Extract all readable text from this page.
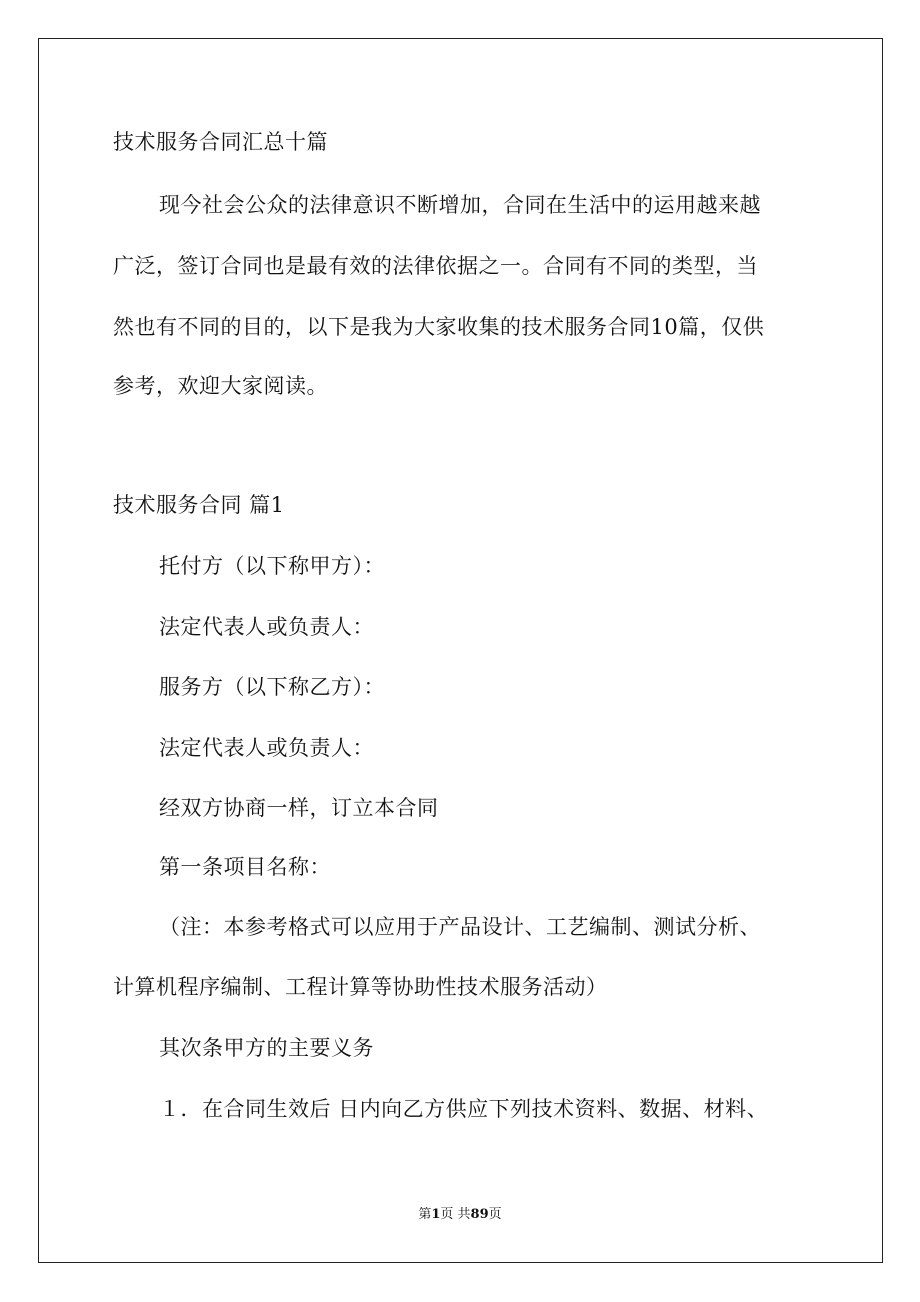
技术服务合同汇总十篇
现今社会公众的法律意识不断增加，合同在生活中的运用越来越
广泛，签订合同也是最有效的法律依据之一。合同有不同的类型，当
然也有不同的目的，以下是我为大家收集的技术服务合同10篇，仅供
参考，欢迎大家阅读。
技术服务合同 篇1
托付方（以下称甲方）：
法定代表人或负责人：
服务方（以下称乙方）：
法定代表人或负责人：
经双方协商一样，订立本合同
第一条项目名称：
（注：本参考格式可以应用于产品设计、工艺编制、测试分析、
计算机程序编制、工程计算等协助性技术服务活动）
其次条甲方的主要义务
１．在合同生效后 日内向乙方供应下列技术资料、数据、材料、
第1页 共89页
